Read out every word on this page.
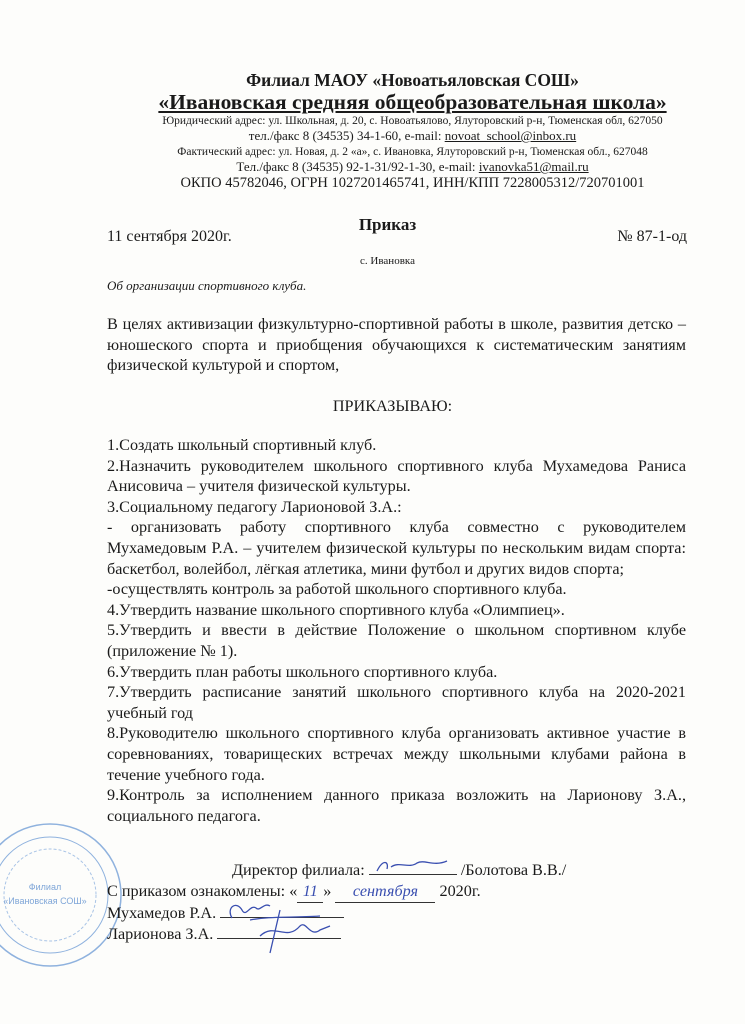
Филиал МАОУ «Новоатьяловская СОШ»
«Ивановская средняя общеобразовательная школа»
Юридический адрес: ул. Школьная, д. 20, с. Новоатьялово, Ялуторовский р-н, Тюменская обл, 627050
тел./факс 8 (34535) 34-1-60, e-mail: novoat_school@inbox.ru
Фактический адрес: ул. Новая, д. 2 «а», с. Ивановка, Ялуторовский р-н, Тюменская обл., 627048
Тел./факс 8 (34535) 92-1-31/92-1-30, e-mail: ivanovka51@mail.ru
ОКПО 45782046, ОГРН 1027201465741, ИНН/КПП 7228005312/720701001
Приказ
11 сентября 2020г.	№ 87-1-од
с. Ивановка
Об организации спортивного клуба.
В целях активизации физкультурно-спортивной работы в школе, развития детско –юношеского спорта и приобщения обучающихся к систематическим занятиям физической культурой и спортом,
ПРИКАЗЫВАЮ:

1.Создать школьный спортивный клуб.

2.Назначить руководителем школьного спортивного клуба Мухамедова Раниса Анисовича – учителя физической культуры.

3.Социальному педагогу Ларионовой З.А.:

- организовать работу спортивного клуба совместно с руководителем Мухамедовым Р.А. – учителем физической культуры по нескольким видам спорта: баскетбол, волейбол, лёгкая атлетика, мини футбол и других видов спорта;

-осуществлять контроль за работой школьного спортивного клуба.

4.Утвердить название школьного спортивного клуба «Олимпиец».

5.Утвердить и ввести в действие Положение о школьном спортивном клубе (приложение № 1).

6.Утвердить план работы школьного спортивного клуба.

7.Утвердить расписание занятий школьного спортивного клуба на 2020-2021 учебный год

8.Руководителю школьного спортивного клуба организовать активное участие в соревнованиях, товарищеских встречах между школьными клубами района в течение учебного года.

9.Контроль за исполнением данного приказа возложить на Ларионову З.А., социального педагога.

Филиал
«Ивановская СОШ»
Директор филиала:	/Болотова В.В./
С приказом ознакомлены: « 11 » сентября 2020г.
Мухамедов Р.А.
Ларионова З.А.
